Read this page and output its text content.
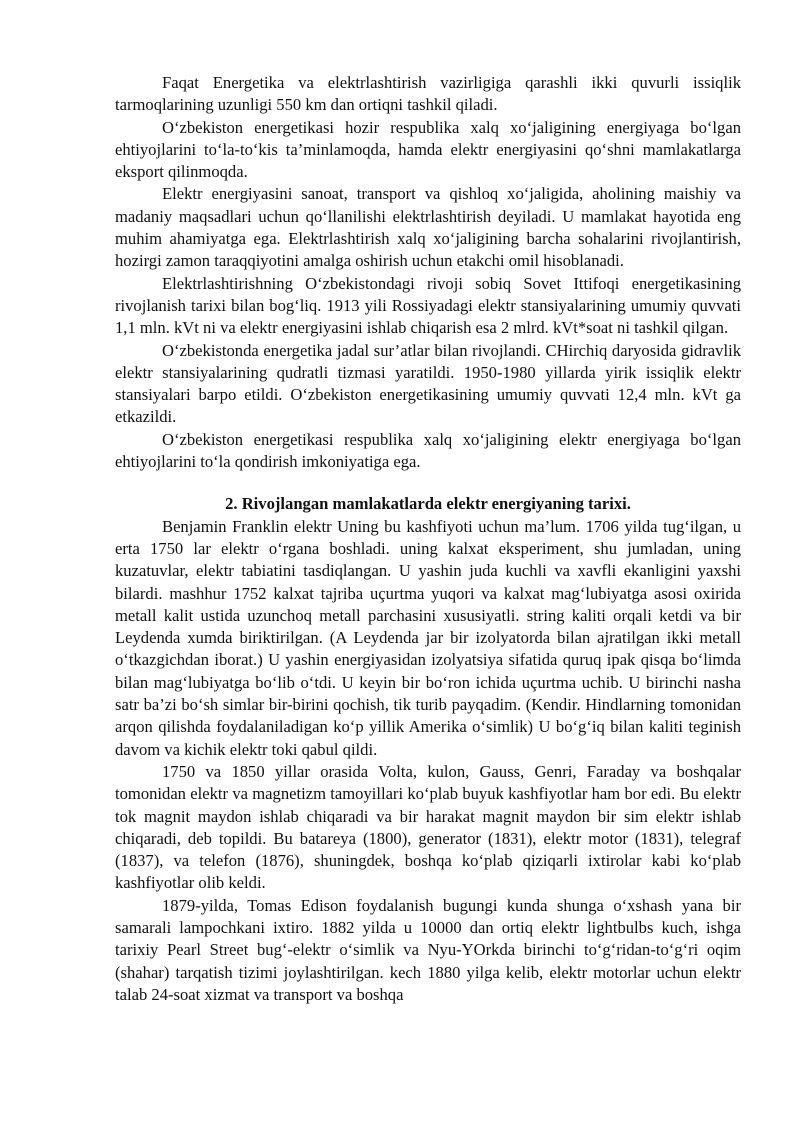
Faqat Energetika va elektrlashtirish vazirligiga qarashli ikki quvurli issiqlik tarmoqlarining uzunligi 550 km dan ortiqni tashkil qiladi.

O‘zbekiston energetikasi hozir respublika xalq xo‘jaligining energiyaga bo‘lgan ehtiyojlarini to‘la-to‘kis ta’minlamoqda, hamda elektr energiyasini qo‘shni mamlakatlarga eksport qilinmoqda.

Elektr energiyasini sanoat, transport va qishloq xo‘jaligida, aholining maishiy va madaniy maqsadlari uchun qo‘llanilishi elektrlashtirish deyiladi. U mamlakat hayotida eng muhim ahamiyatga ega. Elektrlashtirish xalq xo‘jaligining barcha sohalarini rivojlantirish, hozirgi zamon taraqqiyotini amalga oshirish uchun etakchi omil hisoblanadi.

Elektrlashtirishning O‘zbekistondagi rivoji sobiq Sovet Ittifoqi energetikasining rivojlanish tarixi bilan bog‘liq. 1913 yili Rossiyadagi elektr stansiyalarining umumiy quvvati 1,1 mln. kVt ni va elektr energiyasini ishlab chiqarish esa 2 mlrd. kVt*soat ni tashkil qilgan.

O‘zbekistonda energetika jadal sur’atlar bilan rivojlandi. CHirchiq daryosida gidravlik elektr stansiyalarining qudratli tizmasi yaratildi. 1950-1980 yillarda yirik issiqlik elektr stansiyalari barpo etildi. O‘zbekiston energetikasining umumiy quvvati 12,4 mln. kVt ga etkazildi.

O‘zbekiston energetikasi respublika xalq xo‘jaligining elektr energiyaga bo‘lgan ehtiyojlarini to‘la qondirish imkoniyatiga ega.

2. Rivojlangan mamlakatlarda elektr energiyaning tarixi.

Benjamin Franklin elektr Uning bu kashfiyoti uchun ma’lum. 1706 yilda tug‘ilgan, u erta 1750 lar elektr o‘rgana boshladi. uning kalxat eksperiment, shu jumladan, uning kuzatuvlar, elektr tabiatini tasdiqlangan. U yashin juda kuchli va xavfli ekanligini yaxshi bilardi. mashhur 1752 kalxat tajriba uçurtma yuqori va kalxat mag‘lubiyatga asosi oxirida metall kalit ustida uzunchoq metall parchasini xususiyatli. string kaliti orqali ketdi va bir Leydenda xumda biriktirilgan. (A Leydenda jar bir izolyatorda bilan ajratilgan ikki metall o‘tkazgichdan iborat.) U yashin energiyasidan izolyatsiya sifatida quruq ipak qisqa bo‘limda bilan mag‘lubiyatga bo‘lib o‘tdi. U keyin bir bo‘ron ichida uçurtma uchib. U birinchi nasha satr ba’zi bo‘sh simlar bir-birini qochish, tik turib payqadim. (Kendir. Hindlarning tomonidan arqon qilishda foydalaniladigan ko‘p yillik Amerika o‘simlik) U bo‘g‘iq bilan kaliti teginish davom va kichik elektr toki qabul qildi.

1750 va 1850 yillar orasida Volta, kulon, Gauss, Genri, Faraday va boshqalar tomonidan elektr va magnetizm tamoyillari ko‘plab buyuk kashfiyotlar ham bor edi. Bu elektr tok magnit maydon ishlab chiqaradi va bir harakat magnit maydon bir sim elektr ishlab chiqaradi, deb topildi. Bu batareya (1800), generator (1831), elektr motor (1831), telegraf (1837), va telefon (1876), shuningdek, boshqa ko‘plab qiziqarli ixtirolar kabi ko‘plab kashfiyotlar olib keldi.

1879-yilda, Tomas Edison foydalanish bugungi kunda shunga o‘xshash yana bir samarali lampochkani ixtiro. 1882 yilda u 10000 dan ortiq elektr lightbulbs kuch, ishga tarixiy Pearl Street bug‘-elektr o‘simlik va Nyu-YOrkda birinchi to‘g‘ridan-to‘g‘ri oqim (shahar) tarqatish tizimi joylashtirilgan. kech 1880 yilga kelib, elektr motorlar uchun elektr talab 24-soat xizmat va transport va boshqa
